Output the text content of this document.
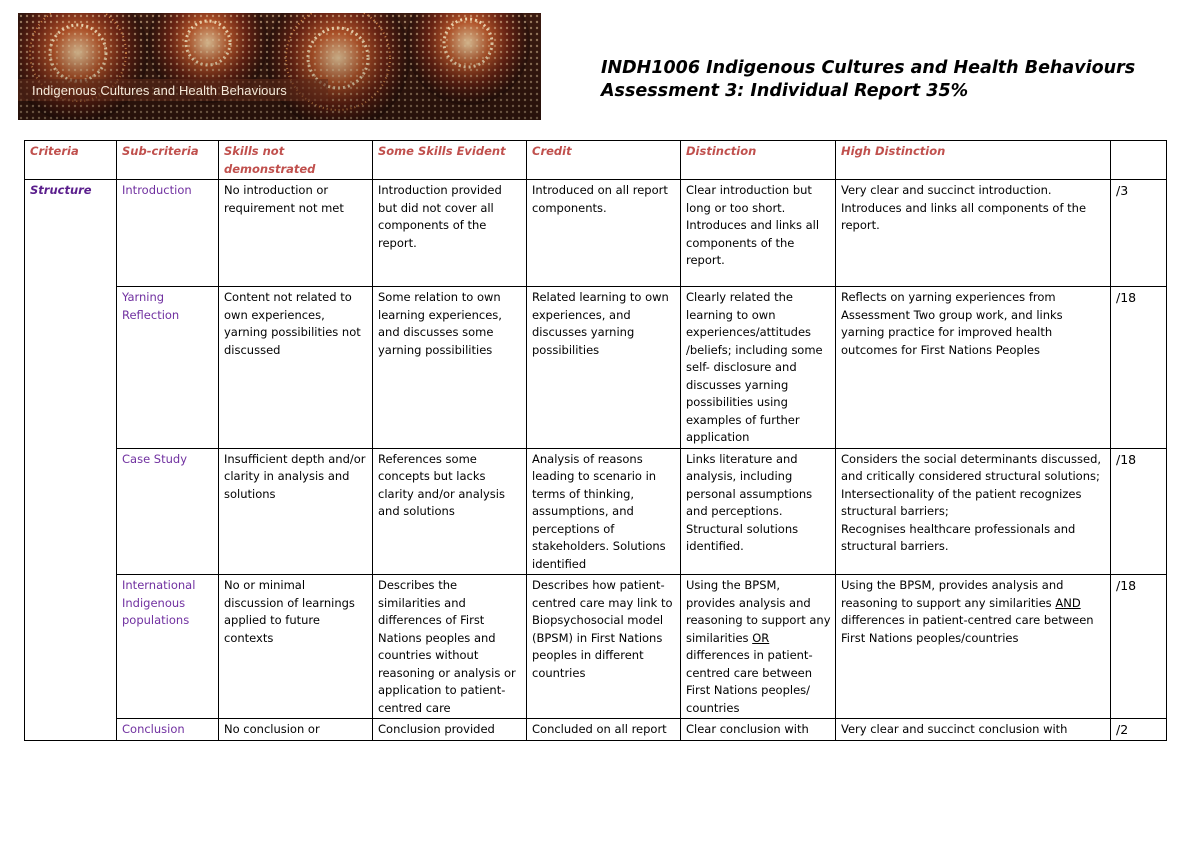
Indigenous Cultures and Health Behaviours
INDH1006 Indigenous Cultures and Health Behaviours
Assessment 3: Individual Report 35%
Criteria	Sub-criteria	Skills not demonstrated	Some Skills Evident	Credit	Distinction	High Distinction	
Structure	Introduction	No introduction or requirement not met	Introduction provided but did not cover all components of the report.	Introduced on all report components.	Clear introduction but long or too short. Introduces and links all components of the report.	Very clear and succinct introduction. Introduces and links all components of the report.	/3
	Yarning Reflection	Content not related to own experiences, yarning possibilities not discussed	Some relation to own learning experiences, and discusses some yarning possibilities	Related learning to own experiences, and discusses yarning possibilities	Clearly related the learning to own experiences/attitudes /beliefs; including some self- disclosure and discusses yarning possibilities using examples of further application	Reflects on yarning experiences from Assessment Two group work, and links yarning practice for improved health outcomes for First Nations Peoples	/18
	Case Study	Insufficient depth and/or clarity in analysis and solutions	References some concepts but lacks clarity and/or analysis and solutions	Analysis of reasons leading to scenario in terms of thinking, assumptions, and perceptions of stakeholders. Solutions identified	Links literature and analysis, including personal assumptions and perceptions. Structural solutions identified.	Considers the social determinants discussed, and critically considered structural solutions;
Intersectionality of the patient recognizes structural barriers;
Recognises healthcare professionals and structural barriers.	/18
	International Indigenous populations	No or minimal discussion of learnings applied to future contexts	Describes the similarities and differences of First Nations peoples and countries without reasoning or analysis or application to patient-centred care	Describes how patient-centred care may link to Biopsychosocial model (BPSM) in First Nations peoples in different countries	Using the BPSM, provides analysis and reasoning to support any similarities OR differences in patient-centred care between First Nations peoples/ countries	Using the BPSM, provides analysis and reasoning to support any similarities AND differences in patient-centred care between First Nations peoples/countries	/18
	Conclusion	No conclusion or	Conclusion provided	Concluded on all report	Clear conclusion with	Very clear and succinct conclusion with	/2
